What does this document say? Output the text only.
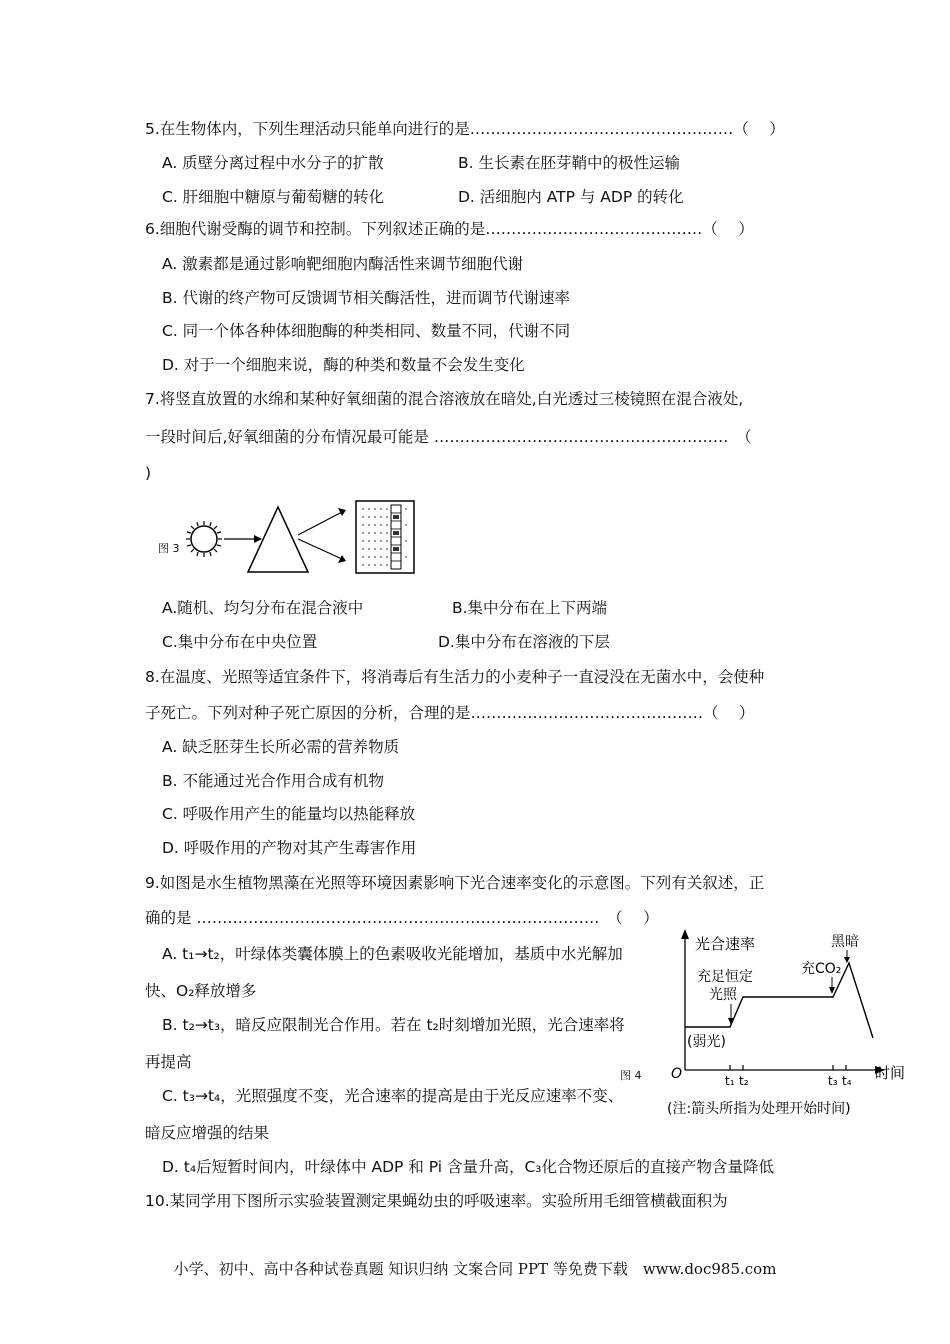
5.在生物体内，下列生理活动只能单向进行的是……………………………………………（　 ）
A. 质壁分离过程中水分子的扩散	B. 生长素在胚芽鞘中的极性运输
C. 肝细胞中糖原与葡萄糖的转化	D. 活细胞内 ATP 与 ADP 的转化
6.细胞代谢受酶的调节和控制。下列叙述正确的是……………………………………（　 ）
A. 激素都是通过影响靶细胞内酶活性来调节细胞代谢
B. 代谢的终产物可反馈调节相关酶活性，进而调节代谢速率
C. 同一个体各种体细胞酶的种类相同、数量不同，代谢不同
D. 对于一个细胞来说，酶的种类和数量不会发生变化
7.将竖直放置的水绵和某种好氧细菌的混合溶液放在暗处,白光透过三棱镜照在混合液处,
一段时间后,好氧细菌的分布情况最可能是 …………………………………………………　（
)
图 3
A.随机、均匀分布在混合液中	B.集中分布在上下两端
C.集中分布在中央位置	D.集中分布在溶液的下层
8.在温度、光照等适宜条件下，将消毒后有生活力的小麦种子一直浸没在无菌水中，会使种
子死亡。下列对种子死亡原因的分析，合理的是………………………………………（　 ）
A. 缺乏胚芽生长所必需的营养物质
B. 不能通过光合作用合成有机物
C. 呼吸作用产生的能量均以热能释放
D. 呼吸作用的产物对其产生毒害作用
9.如图是水生植物黑藻在光照等环境因素影响下光合速率变化的示意图。下列有关叙述，正
确的是 ……………………………………………………………………　（　 ）
A. t₁→t₂，叶绿体类囊体膜上的色素吸收光能增加，基质中水光解加
快、O₂释放增多
B. t₂→t₃，暗反应限制光合作用。若在 t₂时刻增加光照，光合速率将
再提高
C. t₃→t₄，光照强度不变，光合速率的提高是由于光反应速率不变、
暗反应增强的结果
D. t₄后短暂时间内，叶绿体中 ADP 和 Pi 含量升高，C₃化合物还原后的直接产物含量降低
图 4
光合速率
时间
O	t₁ t₂	t₃ t₄
黑暗
充足恒定
光照
充CO₂
(弱光)
(注:箭头所指为处理开始时间)
10.某同学用下图所示实验装置测定果蝇幼虫的呼吸速率。实验所用毛细管横截面积为
小学、初中、高中各种试卷真题 知识归纳 文案合同 PPT 等免费下载　www.doc985.com
